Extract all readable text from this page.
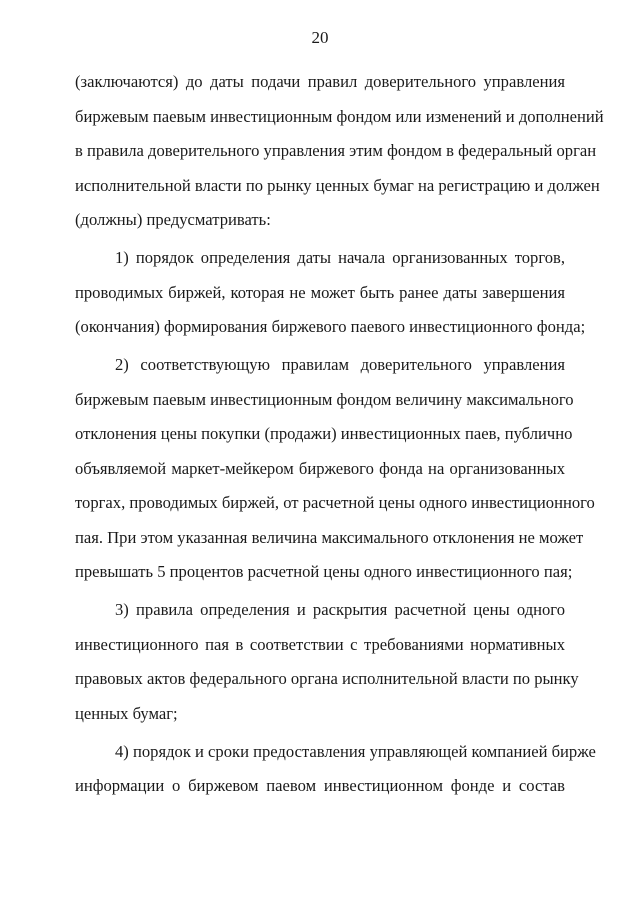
20
(заключаются) до даты подачи правил доверительного управления
биржевым паевым инвестиционным фондом или изменений и дополнений
в правила доверительного управления этим фондом в федеральный орган
исполнительной власти по рынку ценных бумаг на регистрацию и должен
(должны) предусматривать:
1) порядок определения даты начала организованных торгов,
проводимых биржей, которая не может быть ранее даты завершения
(окончания) формирования биржевого паевого инвестиционного фонда;
2) соответствующую правилам доверительного управления
биржевым паевым инвестиционным фондом величину максимального
отклонения цены покупки (продажи) инвестиционных паев, публично
объявляемой маркет-мейкером биржевого фонда на организованных
торгах, проводимых биржей, от расчетной цены одного инвестиционного
пая. При этом указанная величина максимального отклонения не может
превышать 5 процентов расчетной цены одного инвестиционного пая;
3) правила определения и раскрытия расчетной цены одного
инвестиционного пая в соответствии с требованиями нормативных
правовых актов федерального органа исполнительной власти по рынку
ценных бумаг;
4) порядок и сроки предоставления управляющей компанией бирже
информации о биржевом паевом инвестиционном фонде и состав
